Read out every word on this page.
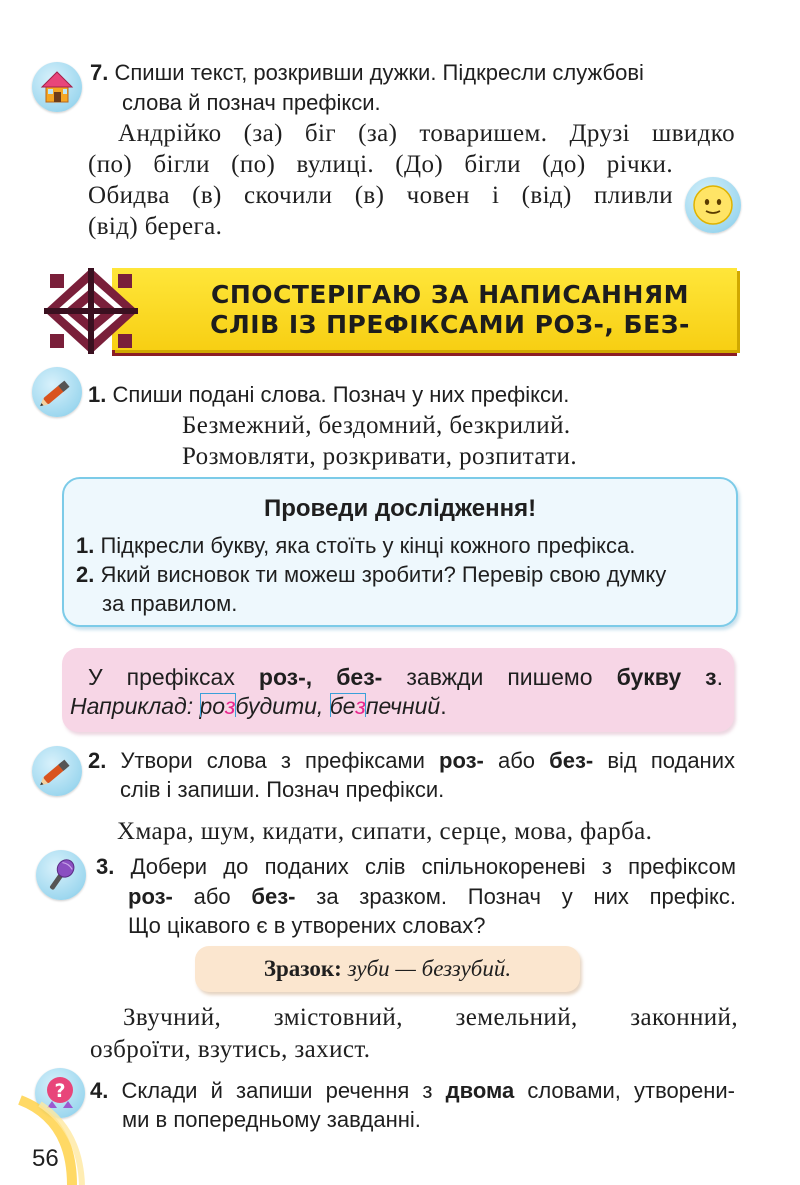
7. Спиши текст, розкривши дужки. Підкресли службові
слова й познач префікси.
Андрійко (за) біг (за) товаришем. Друзі швидко
(по) бігли (по) вулиці. (До) бігли (до) річки.
Обидва (в) скочили (в) човен і (від) пливли
(від) берега.
СПОСТЕРІГАЮ ЗА НАПИСАННЯМ
СЛІВ ІЗ ПРЕФІКСАМИ РОЗ-, БЕЗ-
1. Спиши подані слова. Познач у них префікси.
Безмежний, бездомний, безкрилий.
Розмовляти, розкривати, розпитати.
Проведи дослідження!
1. Підкресли букву, яка стоїть у кінці кожного префікса.
2. Який висновок ти можеш зробити? Перевір свою думку
за правилом.
У префіксах роз-, без- завжди пишемо букву з.
Наприклад: розбудити, безпечний.
2. Утвори слова з префіксами роз- або без- від поданих
слів і запиши. Познач префікси.
Хмара, шум, кидати, сипати, серце, мова, фарба.
3. Добери до поданих слів спільнокореневі з префіксом
роз- або без- за зразком. Познач у них префікс.
Що цікавого є в утворених словах?
Зразок: зуби — беззубий.
Звучний, змістовний, земельний, законний,
озброїти, взутись, захист.
? 4. Склади й запиши речення з двома словами, утворени-
ми в попередньому завданні.
56
